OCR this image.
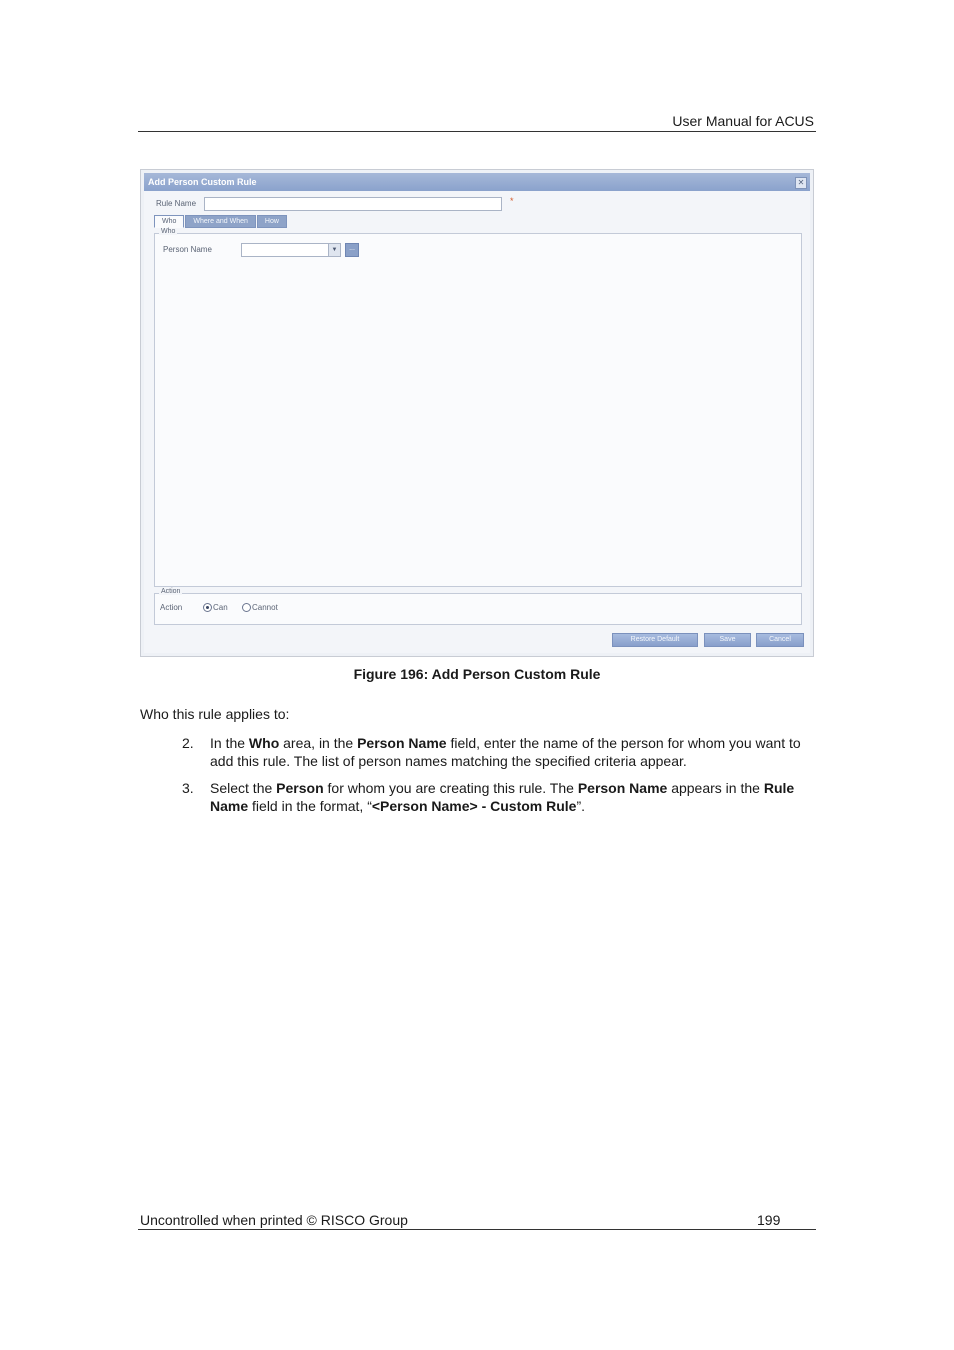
User Manual for ACUS
Add Person Custom Rule	✕
Rule Name	*
Who	Where and When	How
Who
Person Name	▼	...
Action
Action	Can	Cannot
Restore Default	Save	Cancel
Figure 196: Add Person Custom Rule
Who this rule applies to:
2. In the Who area, in the Person Name field, enter the name of the person for whom you want to add this rule. The list of person names matching the specified criteria appear.
3. Select the Person for whom you are creating this rule. The Person Name appears in the Rule Name field in the format, “<Person Name> - Custom Rule”.
Uncontrolled when printed © RISCO Group	199
